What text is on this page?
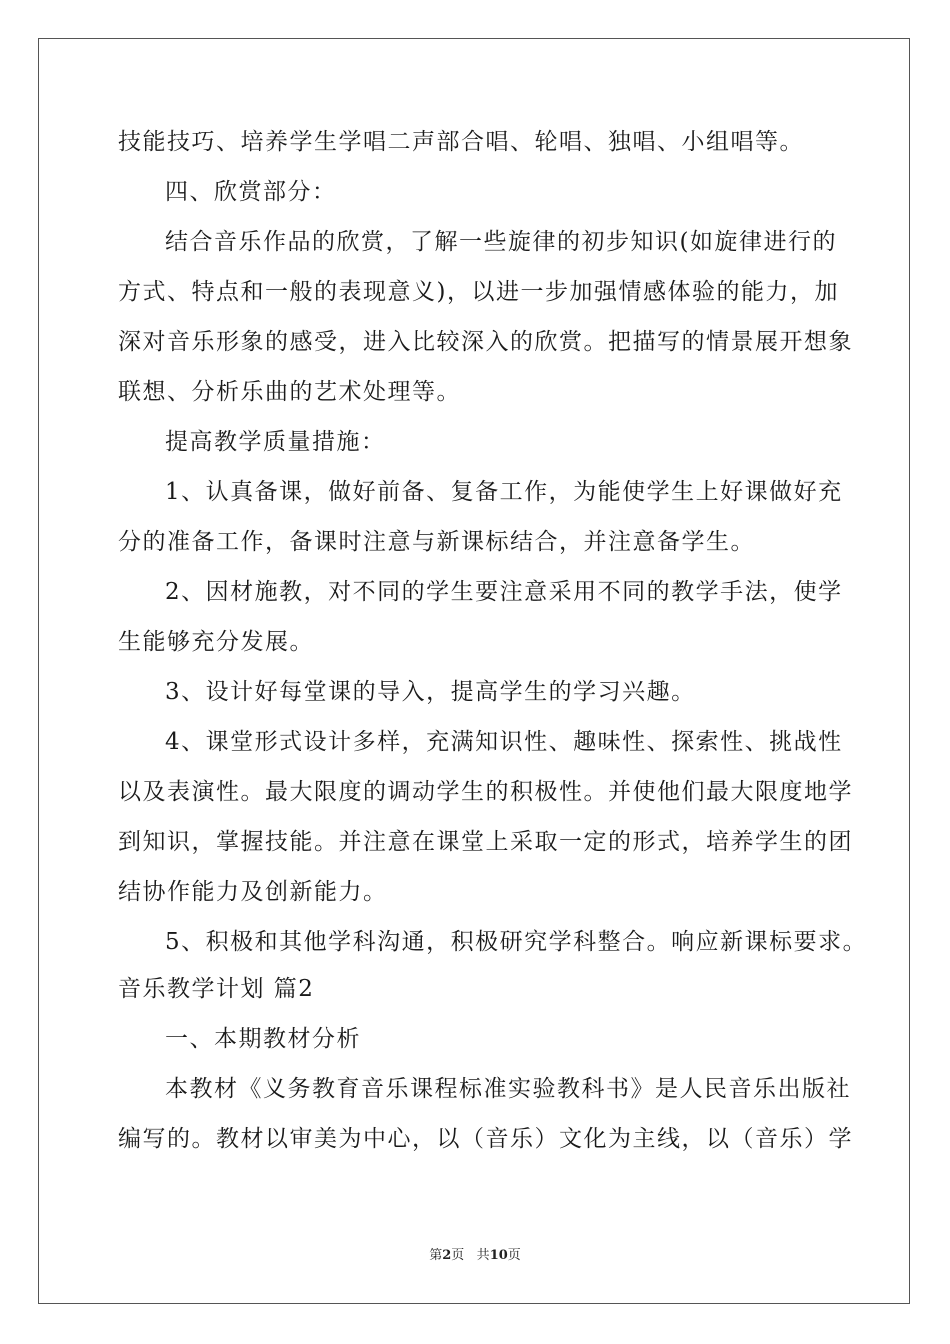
技能技巧、培养学生学唱二声部合唱、轮唱、独唱、小组唱等。
四、欣赏部分：
结合音乐作品的欣赏，了解一些旋律的初步知识(如旋律进行的
方式、特点和一般的表现意义)，以进一步加强情感体验的能力，加
深对音乐形象的感受，进入比较深入的欣赏。把描写的情景展开想象
联想、分析乐曲的艺术处理等。
提高教学质量措施：
1、认真备课，做好前备、复备工作，为能使学生上好课做好充
分的准备工作，备课时注意与新课标结合，并注意备学生。
2、因材施教，对不同的学生要注意采用不同的教学手法，使学
生能够充分发展。
3、设计好每堂课的导入，提高学生的学习兴趣。
4、课堂形式设计多样，充满知识性、趣味性、探索性、挑战性
以及表演性。最大限度的调动学生的积极性。并使他们最大限度地学
到知识，掌握技能。并注意在课堂上采取一定的形式，培养学生的团
结协作能力及创新能力。
5、积极和其他学科沟通，积极研究学科整合。响应新课标要求。
音乐教学计划 篇2
一、本期教材分析
本教材《义务教育音乐课程标准实验教科书》是人民音乐出版社
编写的。教材以审美为中心，以（音乐）文化为主线，以（音乐）学
第2页 共10页
